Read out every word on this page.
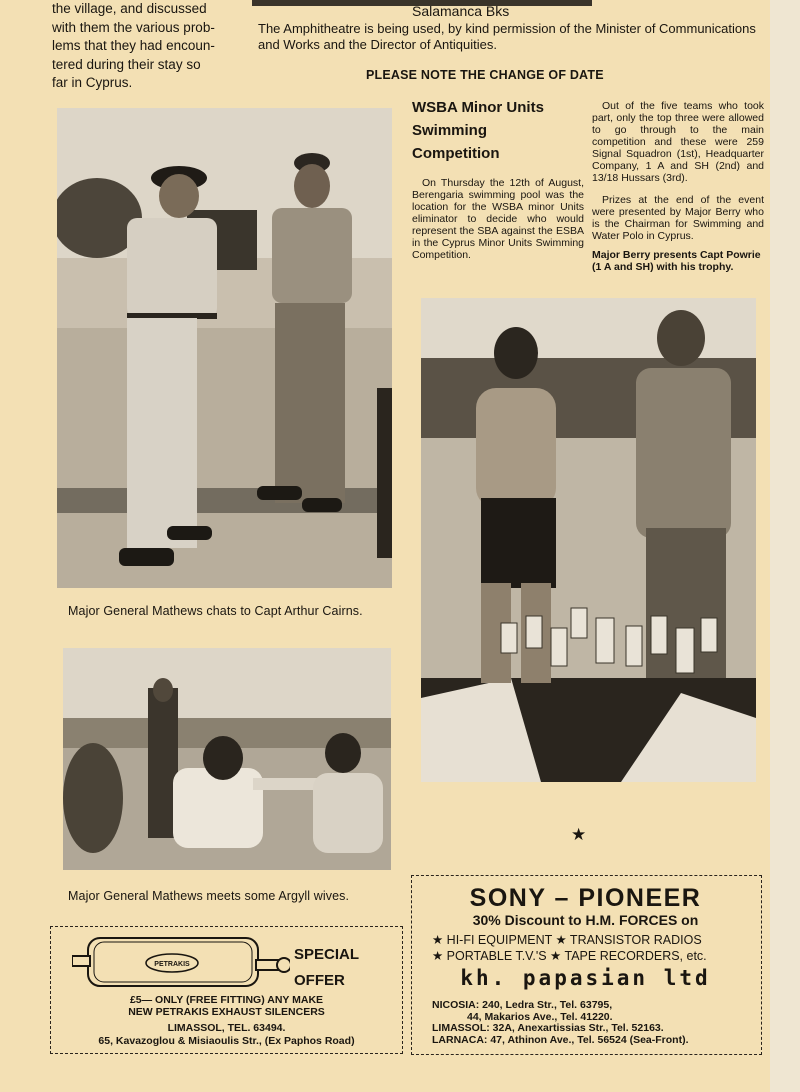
the village, and discussed
with them the various prob-
lems that they had encoun-
tered during their stay so
far in Cyprus.
Salamanca Bks
The Amphitheatre is being used, by kind permission of the Minister of Communications and Works and the Director of Antiquities.
PLEASE NOTE THE CHANGE OF DATE
Major General Mathews chats to Capt Arthur Cairns.
Major General Mathews meets some Argyll wives.
WSBA Minor Units
Swimming
Competition
On Thursday the 12th of August, Berengaria swimming pool was the location for the WSBA minor Units eliminator to decide who would represent the SBA against the ESBA in the Cyprus Minor Units Swimming Competition.
Out of the five teams who took part, only the top three were allowed to go through to the main competition and these were 259 Signal Squadron (1st), Headquarter Company, 1 A and SH (2nd) and 13/18 Hussars (3rd).
Prizes at the end of the event were presented by Major Berry who is the Chairman for Swimming and Water Polo in Cyprus.
Major Berry presents Capt Powrie (1 A and SH) with his trophy.
★
PETRAKIS
SPECIAL
OFFER
£5— ONLY (FREE FITTING) ANY MAKE
NEW PETRAKIS EXHAUST SILENCERS
LIMASSOL, TEL. 63494.
65, Kavazoglou & Misiaoulis Str., (Ex Paphos Road)
SONY – PIONEER
30% Discount to H.M. FORCES on
★ HI-FI EQUIPMENT ★ TRANSISTOR RADIOS
★ PORTABLE T.V.'S ★ TAPE RECORDERS, etc.
kh. papasian ltd
NICOSIA: 240, Ledra Str., Tel. 63795,
44, Makarios Ave., Tel. 41220.
LIMASSOL: 32A, Anexartissias Str., Tel. 52163.
LARNACA: 47, Athinon Ave., Tel. 56524 (Sea-Front).
